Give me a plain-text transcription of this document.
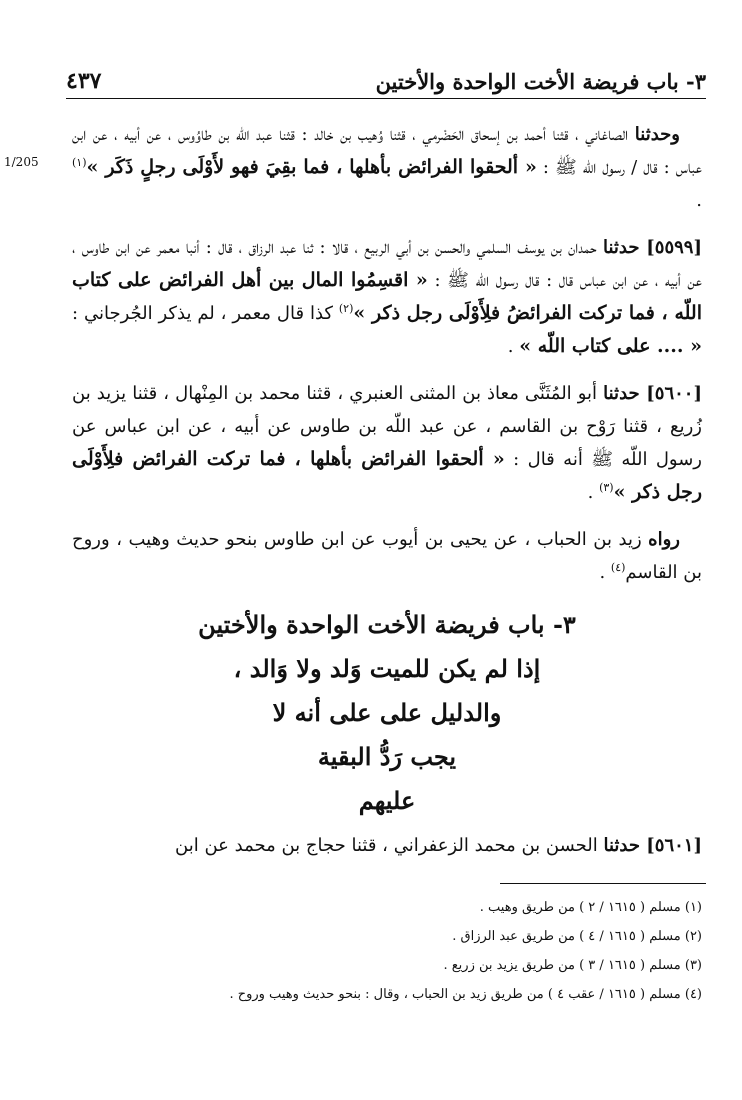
٣- باب فريضة الأخت الواحدة والأختين
٤٣٧
1/205

وحدثنا الصاغاني ، قثنا أحمد بن إسحاق الحَضْرمي ، قثنا وُهيب بن خالد : قثنا عبد اللّه بن طاوُوس ، عن أبيه ، عن ابن عباس : قال / رسول اللّه ﷺ : « ألحقوا الفرائض بأهلها ، فما بقِيَ فهو لأَوْلَى رجلٍ ذَكَر »$^{(١)}$ .

[٥٥٩٩] حدثنا حمدان بن يوسف السلمي والحسن بن أبي الربيع ، قالا : ثنا عبد الرزاق ، قال : أنبا معمر عن ابن طاوس ، عن أبيه ، عن ابن عباس قال : قال رسول اللّه ﷺ : « اقسِمُوا المال بين أهل الفرائض على كتاب اللّه ، فما تركت الفرائضُ فلِأَوْلَى رجل ذكر »$^{(٢)}$ كذا قال معمر ، لم يذكر الجُرجاني : « .... على كتاب اللّه » .

[٥٦٠٠] حدثنا أبو المُثَنَّى معاذ بن المثنى العنبري ، قثنا محمد بن المِنْهال ، قثنا يزيد بن زُريع ، قثنا رَوْح بن القاسم ، عن عبد اللّه بن طاوس عن أبيه ، عن ابن عباس عن رسول اللّه ﷺ أنه قال : « ألحقوا الفرائض بأهلها ، فما تركت الفرائض فلِأَوْلَى رجل ذكر »$^{(٣)}$ .

رواه زيد بن الحباب ، عن يحيى بن أيوب عن ابن طاوس بنحو حديث وهيب ، وروح بن القاسم$^{(٤)}$ .

٣- باب فريضة الأخت الواحدة والأختين
إذا لم يكن للميت وَلد ولا وَالد ،
والدليل على على أنه لا
يجب رَدُّ البقية
عليهم

[٥٦٠١] حدثنا الحسن بن محمد الزعفراني ، قثنا حجاج بن محمد عن ابن

(١) مسلم ( ١٦١٥ / ٢ ) من طريق وهيب .
(٢) مسلم ( ١٦١٥ / ٤ ) من طريق عبد الرزاق .
(٣) مسلم ( ١٦١٥ / ٣ ) من طريق يزيد بن زريع .
(٤) مسلم ( ١٦١٥ / عقب ٤ ) من طريق زيد بن الحباب ، وقال : بنحو حديث وهيب وروح .
